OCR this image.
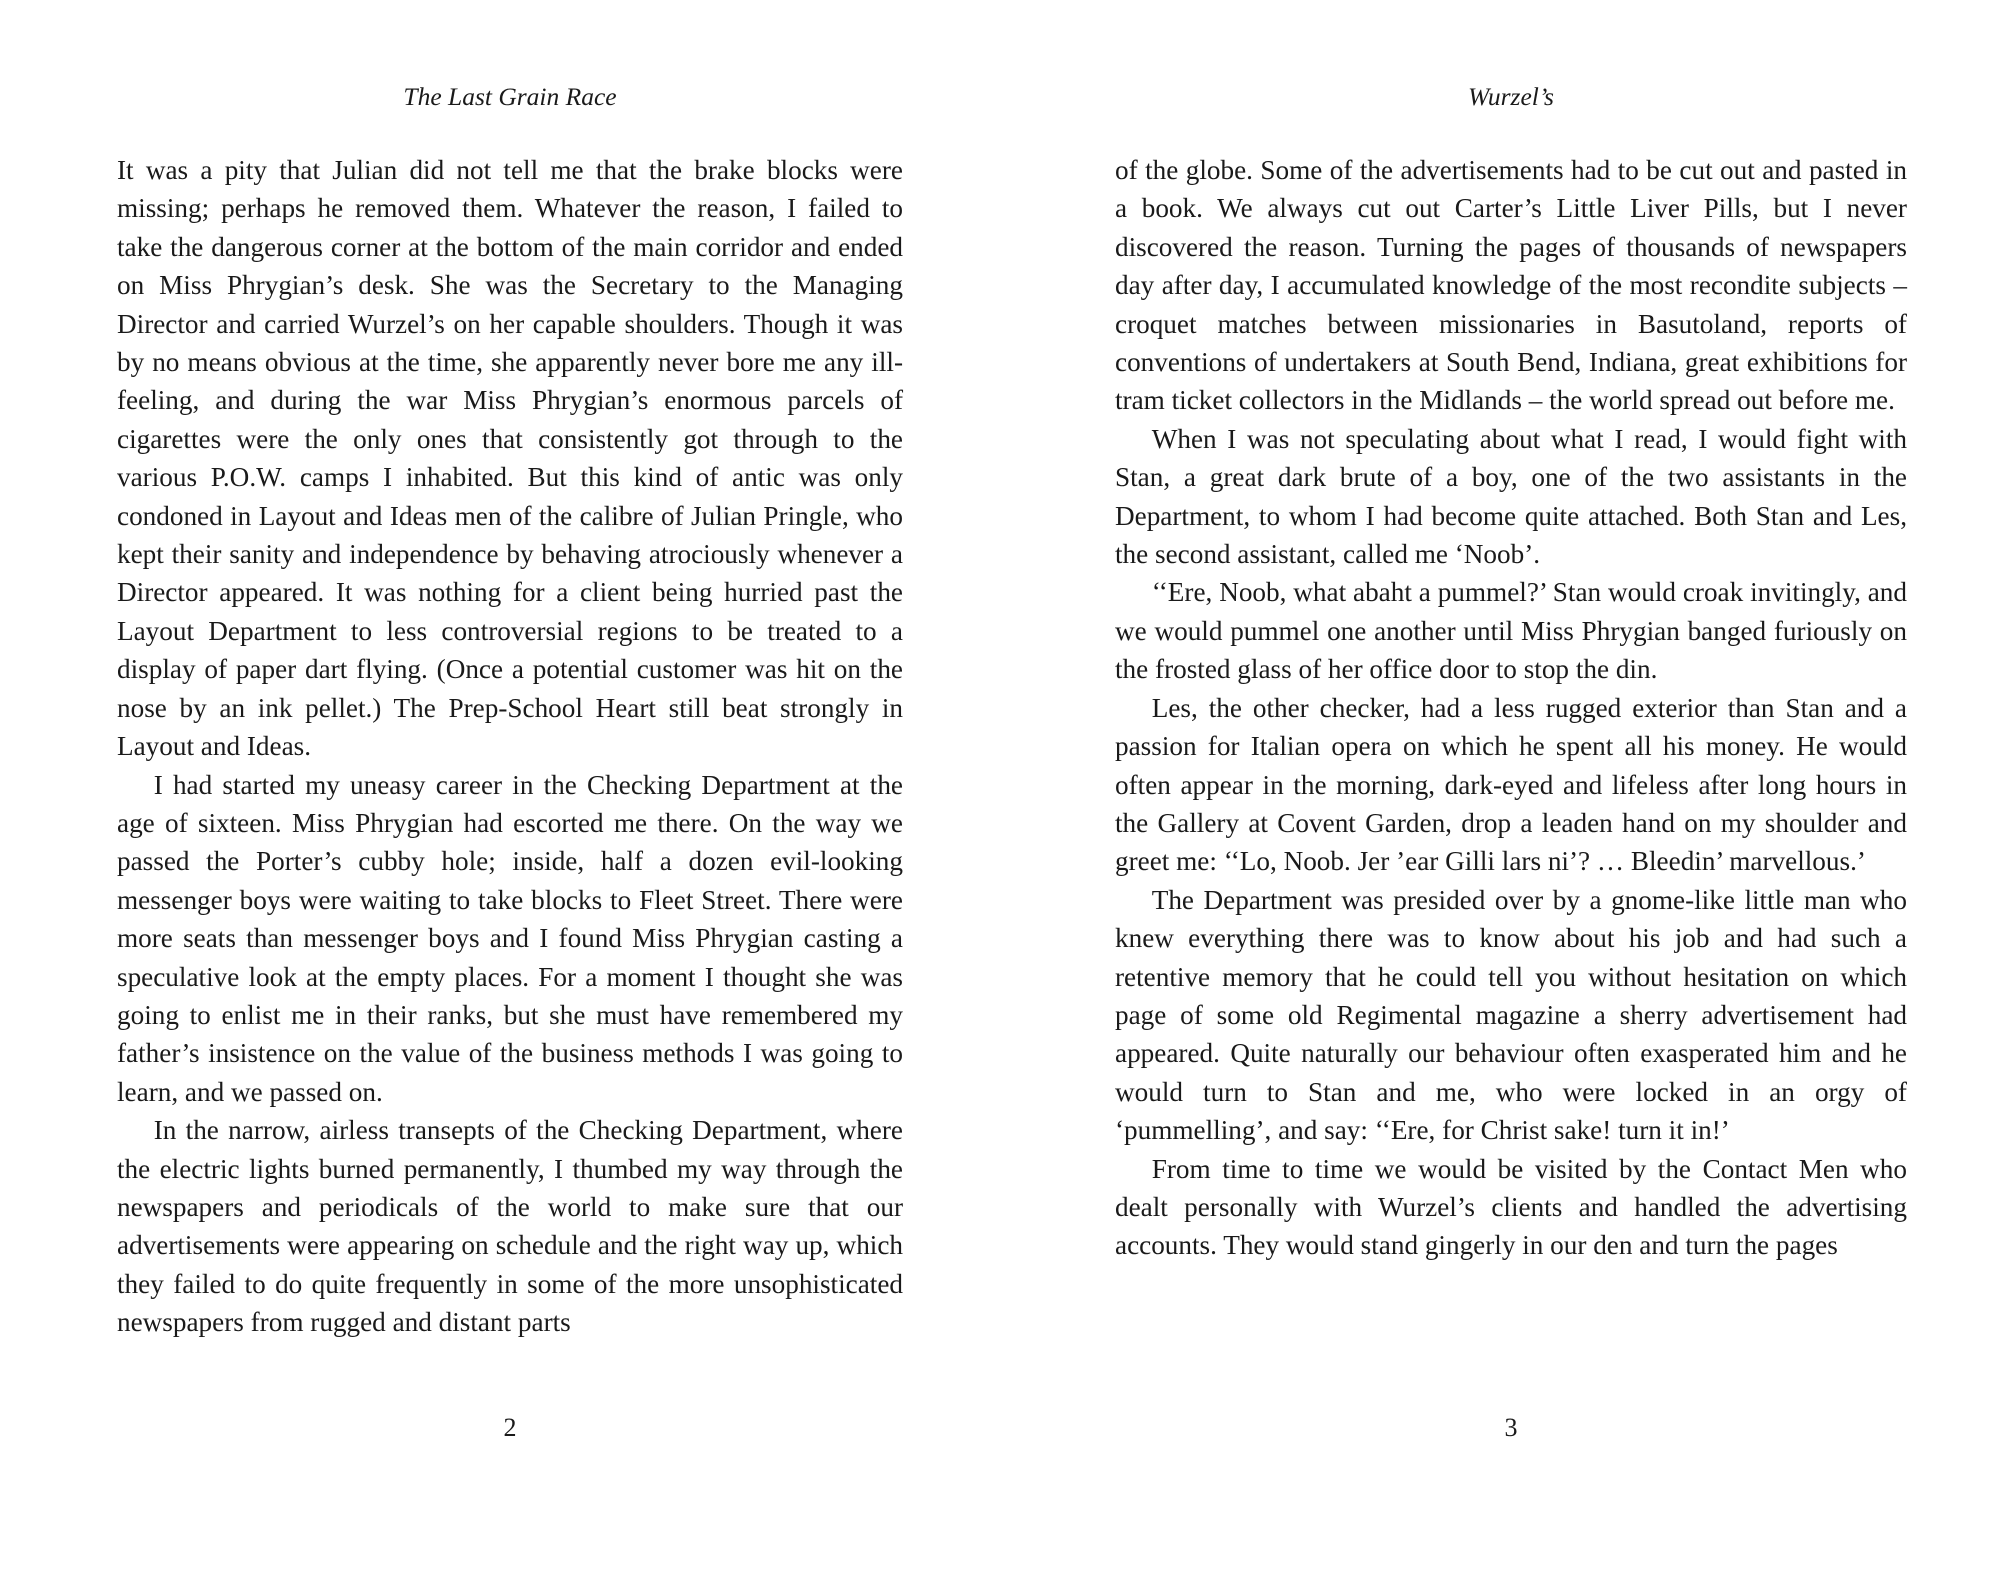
The Last Grain Race

It was a pity that Julian did not tell me that the brake blocks were missing; perhaps he removed them. Whatever the reason, I failed to take the dangerous corner at the bottom of the main corridor and ended on Miss Phrygian’s desk. She was the Secretary to the Managing Director and carried Wurzel’s on her capable shoulders. Though it was by no means obvious at the time, she apparently never bore me any ill-feeling, and during the war Miss Phrygian’s enormous parcels of cigarettes were the only ones that consistently got through to the various P.O.W. camps I inhabited. But this kind of antic was only condoned in Layout and Ideas men of the calibre of Julian Pringle, who kept their sanity and independence by behaving atrociously whenever a Director appeared. It was nothing for a client being hurried past the Layout Department to less controversial regions to be treated to a display of paper dart flying. (Once a potential customer was hit on the nose by an ink pellet.) The Prep-School Heart still beat strongly in Layout and Ideas.

I had started my uneasy career in the Checking Department at the age of sixteen. Miss Phrygian had escorted me there. On the way we passed the Porter’s cubby hole; inside, half a dozen evil-looking messenger boys were waiting to take blocks to Fleet Street. There were more seats than messenger boys and I found Miss Phrygian casting a speculative look at the empty places. For a moment I thought she was going to enlist me in their ranks, but she must have remembered my father’s insistence on the value of the business methods I was going to learn, and we passed on.

In the narrow, airless transepts of the Checking Department, where the electric lights burned permanently, I thumbed my way through the newspapers and periodicals of the world to make sure that our advertisements were appearing on schedule and the right way up, which they failed to do quite frequently in some of the more unsophisticated newspapers from rugged and distant parts

2
Wurzel’s

of the globe. Some of the advertisements had to be cut out and pasted in a book. We always cut out Carter’s Little Liver Pills, but I never discovered the reason. Turning the pages of thousands of newspapers day after day, I accumulated knowledge of the most recondite subjects – croquet matches between missionaries in Basutoland, reports of conventions of undertakers at South Bend, Indiana, great exhibitions for tram ticket collectors in the Midlands – the world spread out before me.

When I was not speculating about what I read, I would fight with Stan, a great dark brute of a boy, one of the two assistants in the Department, to whom I had become quite attached. Both Stan and Les, the second assistant, called me ‘Noob’.

‘‘Ere, Noob, what abaht a pummel?’ Stan would croak invitingly, and we would pummel one another until Miss Phrygian banged furiously on the frosted glass of her office door to stop the din.

Les, the other checker, had a less rugged exterior than Stan and a passion for Italian opera on which he spent all his money. He would often appear in the morning, dark-eyed and lifeless after long hours in the Gallery at Covent Garden, drop a leaden hand on my shoulder and greet me: ‘‘Lo, Noob. Jer ’ear Gilli lars ni’? … Bleedin’ marvellous.’

The Department was presided over by a gnome-like little man who knew everything there was to know about his job and had such a retentive memory that he could tell you without hesitation on which page of some old Regimental magazine a sherry advertisement had appeared. Quite naturally our behaviour often exasperated him and he would turn to Stan and me, who were locked in an orgy of ‘pummelling’, and say: ‘‘Ere, for Christ sake! turn it in!’

From time to time we would be visited by the Contact Men who dealt personally with Wurzel’s clients and handled the advertising accounts. They would stand gingerly in our den and turn the pages

3
